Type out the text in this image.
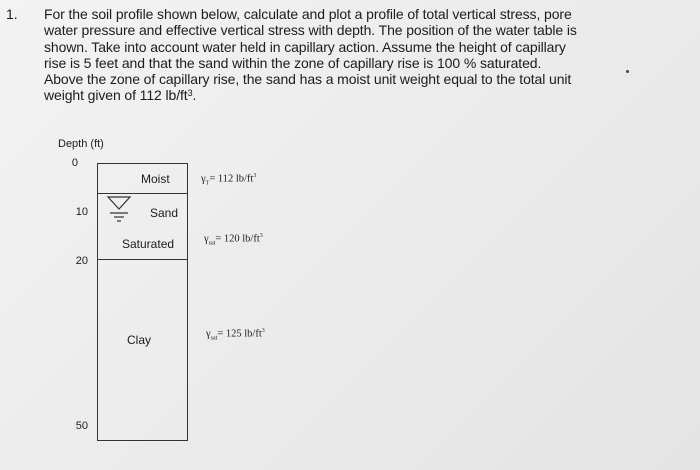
1. For the soil profile shown below, calculate and plot a profile of total vertical stress, pore
water pressure and effective vertical stress with depth. The position of the water table is
shown. Take into account water held in capillary action. Assume the height of capillary
rise is 5 feet and that the sand within the zone of capillary rise is 100 % saturated.
Above the zone of capillary rise, the sand has a moist unit weight equal to the total unit
weight given of 112 $lb/ft^3$.
Depth (ft)
0
10
20
50
Moist
Sand
Saturated
Clay
$\gamma_T= 112$ $lb/ft^3$
$\gamma_{sat}= 120$ $lb/ft^3$
$\gamma_{sat}= 125$ $lb/ft^3$
